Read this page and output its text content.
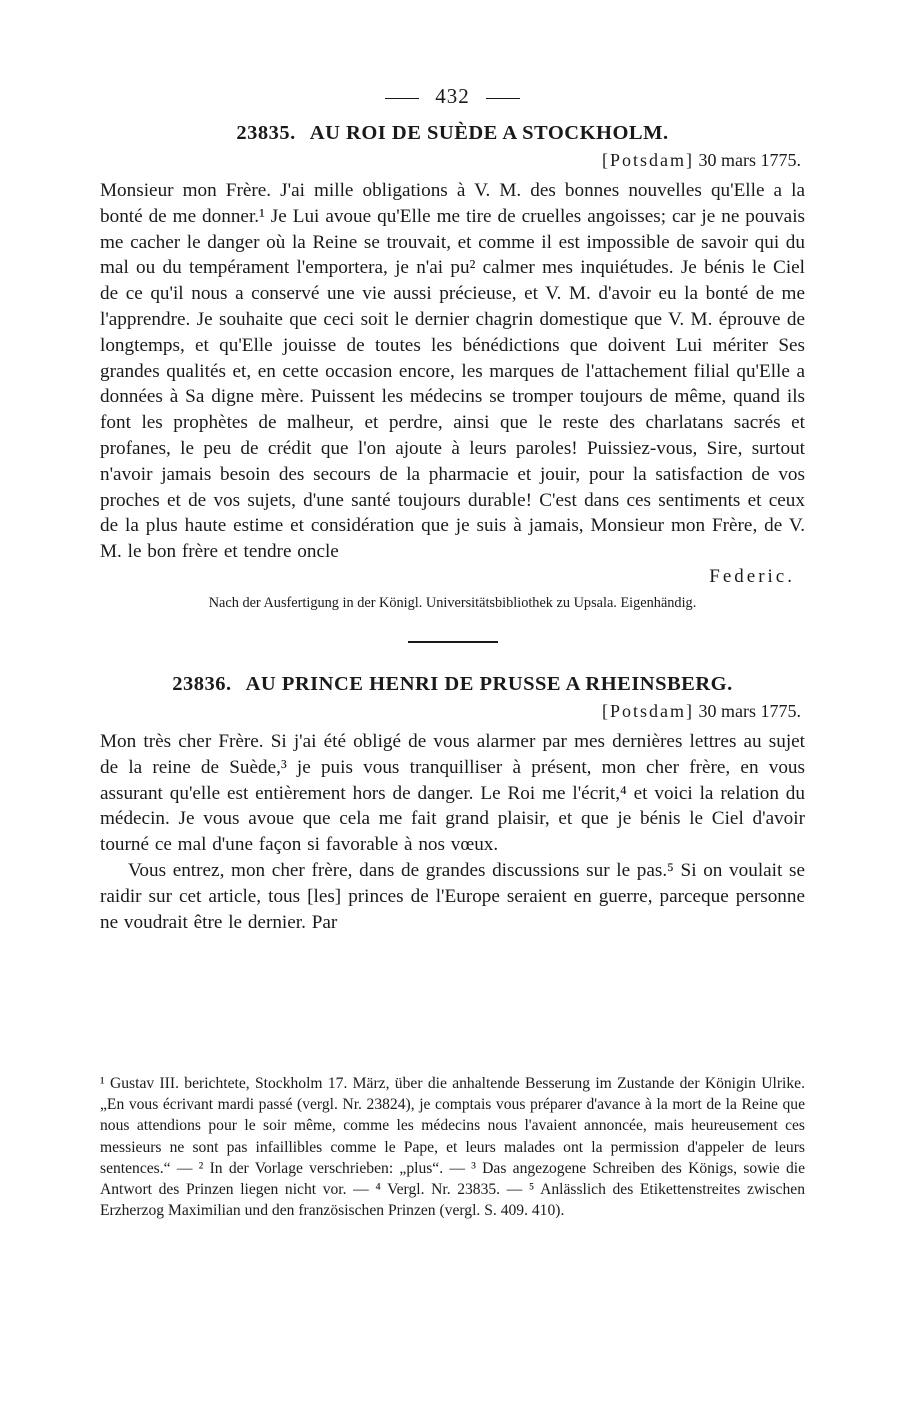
432
23835. AU ROI DE SUÈDE A STOCKHOLM.
[Potsdam] 30 mars 1775.

Monsieur mon Frère. J'ai mille obligations à V. M. des bonnes nouvelles qu'Elle a la bonté de me donner.¹ Je Lui avoue qu'Elle me tire de cruelles angoisses; car je ne pouvais me cacher le danger où la Reine se trouvait, et comme il est impossible de savoir qui du mal ou du tempérament l'emportera, je n'ai pu² calmer mes inquiétudes. Je bénis le Ciel de ce qu'il nous a conservé une vie aussi précieuse, et V. M. d'avoir eu la bonté de me l'apprendre. Je souhaite que ceci soit le dernier chagrin domestique que V. M. éprouve de longtemps, et qu'Elle jouisse de toutes les bénédictions que doivent Lui mériter Ses grandes qualités et, en cette occasion encore, les marques de l'attachement filial qu'Elle a données à Sa digne mère. Puissent les médecins se tromper toujours de même, quand ils font les prophètes de malheur, et perdre, ainsi que le reste des charlatans sacrés et profanes, le peu de crédit que l'on ajoute à leurs paroles! Puissiez-vous, Sire, surtout n'avoir jamais besoin des secours de la pharmacie et jouir, pour la satisfaction de vos proches et de vos sujets, d'une santé toujours durable! C'est dans ces sentiments et ceux de la plus haute estime et considération que je suis à jamais, Monsieur mon Frère, de V. M. le bon frère et tendre oncle

Federic.
Nach der Ausfertigung in der Königl. Universitätsbibliothek zu Upsala. Eigenhändig.
23836. AU PRINCE HENRI DE PRUSSE A RHEINSBERG.
[Potsdam] 30 mars 1775.

Mon très cher Frère. Si j'ai été obligé de vous alarmer par mes dernières lettres au sujet de la reine de Suède,³ je puis vous tranquilliser à présent, mon cher frère, en vous assurant qu'elle est entièrement hors de danger. Le Roi me l'écrit,⁴ et voici la relation du médecin. Je vous avoue que cela me fait grand plaisir, et que je bénis le Ciel d'avoir tourné ce mal d'une façon si favorable à nos vœux.

Vous entrez, mon cher frère, dans de grandes discussions sur le pas.⁵ Si on voulait se raidir sur cet article, tous [les] princes de l'Europe seraient en guerre, parceque personne ne voudrait être le dernier. Par

¹ Gustav III. berichtete, Stockholm 17. März, über die anhaltende Besserung im Zustande der Königin Ulrike. „En vous écrivant mardi passé (vergl. Nr. 23824), je comptais vous préparer d'avance à la mort de la Reine que nous attendions pour le soir même, comme les médecins nous l'avaient annoncée, mais heureusement ces messieurs ne sont pas infaillibles comme le Pape, et leurs malades ont la permission d'appeler de leurs sentences.“ — ² In der Vorlage verschrieben: „plus“. — ³ Das angezogene Schreiben des Königs, sowie die Antwort des Prinzen liegen nicht vor. — ⁴ Vergl. Nr. 23835. — ⁵ Anlässlich des Etikettenstreites zwischen Erzherzog Maximilian und den französischen Prinzen (vergl. S. 409. 410).
